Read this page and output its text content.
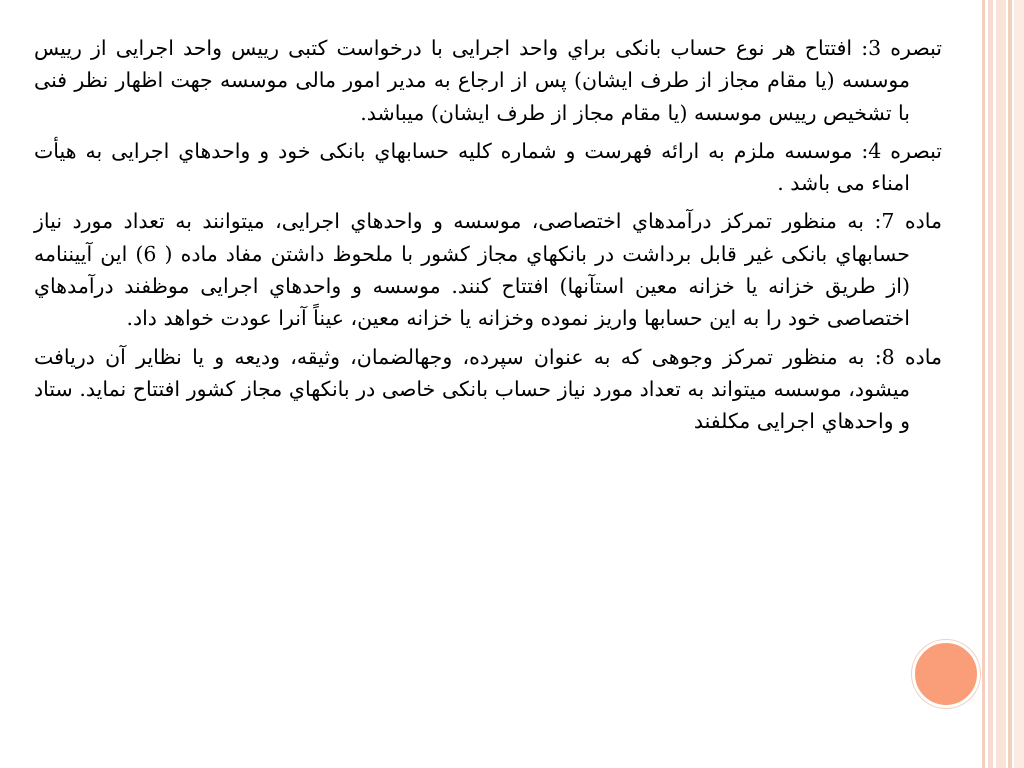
تبصره 3: افتتاح هر نوع حساب بانکی براي واحد اجرایی با درخواست کتبی رییس واحد اجرایی از رییس موسسه (یا مقام مجاز از طرف ایشان) پس از ارجاع به مدیر امور مالی موسسه جهت اظهار نظر فنی با تشخیص رییس موسسه (یا مقام مجاز از طرف ایشان) میباشد.

تبصره 4: موسسه ملزم به ارائه فهرست و شماره کلیه حسابهاي بانکی خود و واحدهاي اجرایی به هیأت امناء می باشد .

ماده 7: به منظور تمرکز درآمدهاي اختصاصی، موسسه و واحدهاي اجرایی، میتوانند به تعداد مورد نیاز حسابهاي بانکی غیر قابل برداشت در بانکهاي مجاز کشور با ملحوظ داشتن مفاد ماده ( 6) این آییننامه (از طریق خزانه یا خزانه معین استآنها) افتتاح کنند. موسسه و واحدهاي اجرایی موظفند درآمدهاي اختصاصی خود را به این حسابها واریز نموده وخزانه یا خزانه معین، عیناً آنرا عودت خواهد داد.

ماده 8: به منظور تمرکز وجوهی که به عنوان سپرده، وجهالضمان، وثیقه، ودیعه و یا نظایر آن دریافت میشود، موسسه میتواند به تعداد مورد نیاز حساب بانکی خاصی در بانکهاي مجاز کشور افتتاح نماید. ستاد و واحدهاي اجرایی مکلفند
